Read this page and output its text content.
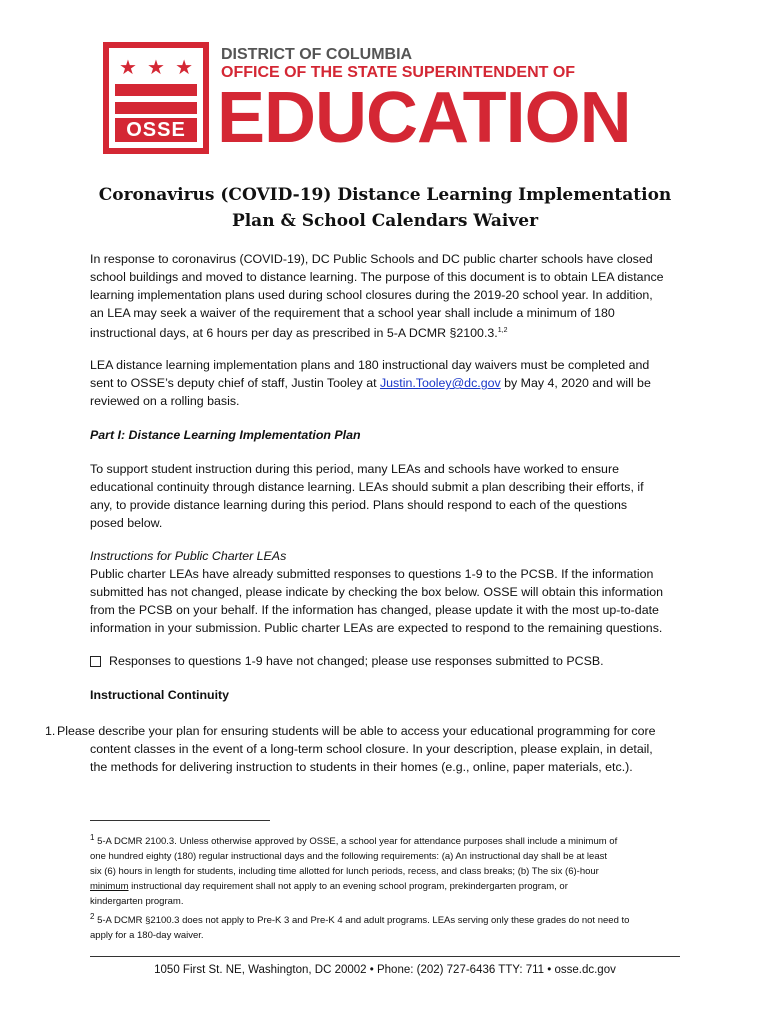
★ ★ ★
OSSE
DISTRICT OF COLUMBIA
OFFICE OF THE STATE SUPERINTENDENT OF
EDUCATION
Coronavirus (COVID-19) Distance Learning Implementation
Plan & School Calendars Waiver
In response to coronavirus (COVID-19), DC Public Schools and DC public charter schools have closed
school buildings and moved to distance learning. The purpose of this document is to obtain LEA distance
learning implementation plans used during school closures during the 2019-20 school year. In addition,
an LEA may seek a waiver of the requirement that a school year shall include a minimum of 180
instructional days, at 6 hours per day as prescribed in 5-A DCMR §2100.3.$^{1,2}$
LEA distance learning implementation plans and 180 instructional day waivers must be completed and
sent to OSSE’s deputy chief of staff, Justin Tooley at Justin.Tooley@dc.gov by May 4, 2020 and will be
reviewed on a rolling basis.
Part I: Distance Learning Implementation Plan
To support student instruction during this period, many LEAs and schools have worked to ensure
educational continuity through distance learning. LEAs should submit a plan describing their efforts, if
any, to provide distance learning during this period. Plans should respond to each of the questions
posed below.
Instructions for Public Charter LEAs
Public charter LEAs have already submitted responses to questions 1-9 to the PCSB. If the information
submitted has not changed, please indicate by checking the box below. OSSE will obtain this information
from the PCSB on your behalf. If the information has changed, please update it with the most up-to-date
information in your submission. Public charter LEAs are expected to respond to the remaining questions.
Responses to questions 1-9 have not changed; please use responses submitted to PCSB.
Instructional Continuity
1. Please describe your plan for ensuring students will be able to access your educational programming for core
content classes in the event of a long-term school closure. In your description, please explain, in detail,
the methods for delivering instruction to students in their homes (e.g., online, paper materials, etc.).
$^1$ 5-A DCMR 2100.3. Unless otherwise approved by OSSE, a school year for attendance purposes shall include a minimum of
one hundred eighty (180) regular instructional days and the following requirements: (a) An instructional day shall be at least
six (6) hours in length for students, including time allotted for lunch periods, recess, and class breaks; (b) The six (6)-hour
minimum instructional day requirement shall not apply to an evening school program, prekindergarten program, or
kindergarten program.
$^2$ 5-A DCMR §2100.3 does not apply to Pre-K 3 and Pre-K 4 and adult programs. LEAs serving only these grades do not need to
apply for a 180-day waiver.
1050 First St. NE, Washington, DC 20002 • Phone: (202) 727-6436 TTY: 711 • osse.dc.gov
